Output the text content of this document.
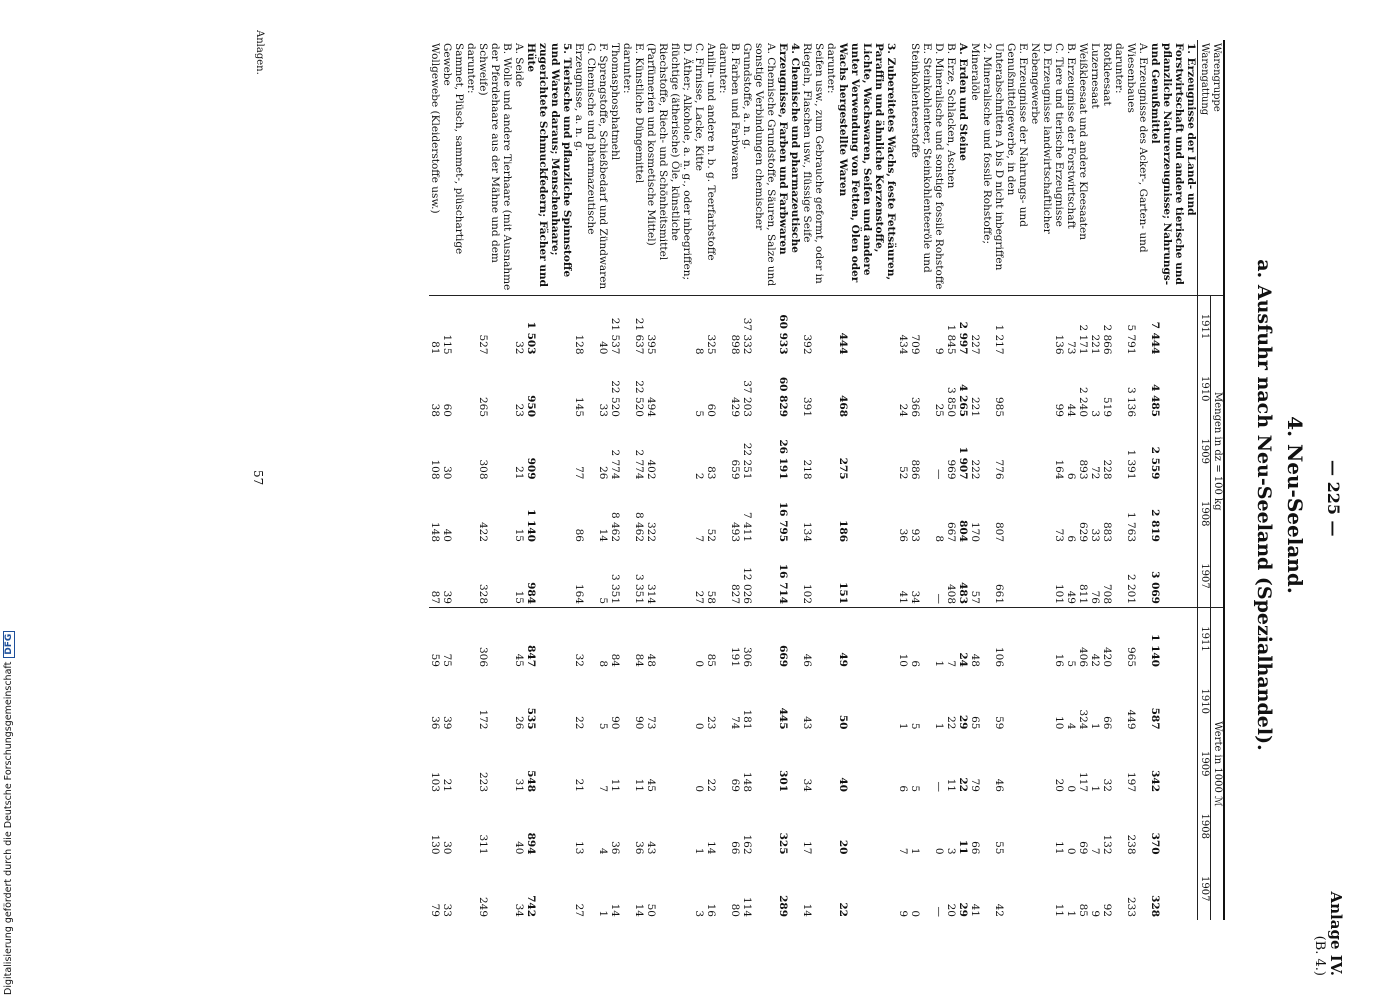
— 225 —
Anlage IV.
(B. 4.)
4. Neu-Seeland.
a. Ausfuhr nach Neu-Seeland (Spezialhandel).
Warengruppe
Warengattung	Mengen in dz = 100 kg					Werte in 1000 ℳ				
	1911	1910	1909	1908	1907	1911	1910	1909	1908	1907
1. Erzeugnisse der Land- und Forstwirtschaft und andere tierische und pflanzliche Naturerzeugnisse; Nahrungs- und Genußmittel	7 444	4 485	2 559	2 819	3 069	1 140	587	342	370	328
A. Erzeugnisse des Acker-, Garten- und Wiesenbaues	5 791	3 136	1 391	1 763	2 201	965	449	197	238	233
darunter:										
Rotkleesaat	2 866	519	228	883	708	420	66	32	132	92
Luzernesaat	221	3	72	33	76	42	1	1	7	9
Weißkleesaat und andere Kleesaaten	2 171	2 240	893	629	811	406	324	117	69	85
B. Erzeugnisse der Forstwirtschaft	73	44	6	6	49	5	4	0	0	1
C. Tiere und tierische Erzeugnisse	136	99	164	73	101	16	10	20	11	11
D. Erzeugnisse landwirtschaftlicher Nebengewerbe										
E. Erzeugnisse der Nahrungs- und Genußmittelgewerbe, in den Unterabschnitten A bis D nicht inbegriffen	1 217	985	776	807	661	106	59	46	55	42
2. Mineralische und fossile Rohstoffe; Mineralöle	227	221	222	170	57	48	65	79	66	41
A. Erden und Steine	2 997	4 265	1 907	804	483	24	29	22	11	29
B. Erze, Schlacken, Aschen	1 845	3 850	969	667	408	7	22	11	3	20
D. Mineralische und sonstige fossile Rohstoffe	9	25	—	8	—	1	1	—	0	—
E. Steinkohlenteer, Steinkohlenteeröle und Steinkohlenteerstoffe	709	366	886	93	34	6	5	5	1	0
	434	24	52	36	41	10	1	6	7	9
3. Zubereitetes Wachs, feste Fettsäuren, Paraffin und ähnliche Kerzenstoffe, Lichte, Wachswaren, Seifen und andere unter Verwendung von Fetten, Ölen oder Wachs hergestellte Waren	444	468	275	186	151	49	50	40	20	22
darunter:										
Seifen usw., zum Gebrauche geformt, oder in Riegeln, Flaschen usw., flüssige Seife	392	391	218	134	102	46	43	34	17	14
4. Chemische und pharmazeutische Erzeugnisse, Farben und Farbwaren	60 933	60 829	26 191	16 795	16 714	669	445	301	325	289
A. Chemische Grundstoffe, Säuren, Salze und sonstige Verbindungen chemischer Grundstoffe, a. n. g.	37 332	37 203	22 251	7 411	12 026	306	181	148	162	114
B. Farben und Farbwaren	898	429	659	493	827	191	74	69	66	80
darunter:										
Anilin- und andere n. b. g. Teerfarbstoffe	325	60	83	52	58	85	23	22	14	16
C. Firnisse, Lacke, Kitte	8	5	2	7	27	0	0	0	1	3
D. Äther; Alkohole, a. n. g., oder inbegriffen; flüchtige (ätherische) Öle, künstliche Riechstoffe, Riech- und Schönheitsmittel (Parfümerien und kosmetische Mittel)	395	494	402	322	314	48	73	45	43	50
E. Künstliche Düngemittel	21 637	22 520	2 774	8 462	3 351	84	90	11	36	14
darunter:										
Thomasphosphatmehl	21 537	22 520	2 774	8 462	3 351	84	90	11	36	14
F. Sprengstoffe, Schießbedarf und Zündwaren	40	33	26	14	5	8	5	7	4	1
G. Chemische und pharmazeutische Erzeugnisse, a. n. g.	128	145	77	86	164	32	22	21	13	27
5. Tierische und pflanzliche Spinnstoffe und Waren daraus; Menschenhaare; zugerichtete Schmuckfedern; Fächer und Hüte	1 503	950	909	1 140	984	847	535	548	894	742
A. Seide	32	23	21	15	15	45	26	31	40	34
B. Wolle und andere Tierhaare (mit Ausnahme der Pferdehaare aus der Mähne und dem Schweife)	527	265	308	422	328	306	172	223	311	249
darunter:										
Sammet, Plüsch, sammet-, plüschartige Gewebe	115	60	30	40	39	75	39	21	30	33
Wollgewebe (Kleiderstoffe usw.)	81	38	108	148	87	59	36	103	130	79
Anlagen.
57
Digitalisierung gefördert durch die Deutsche ForschungsgemeinschaftDFG
